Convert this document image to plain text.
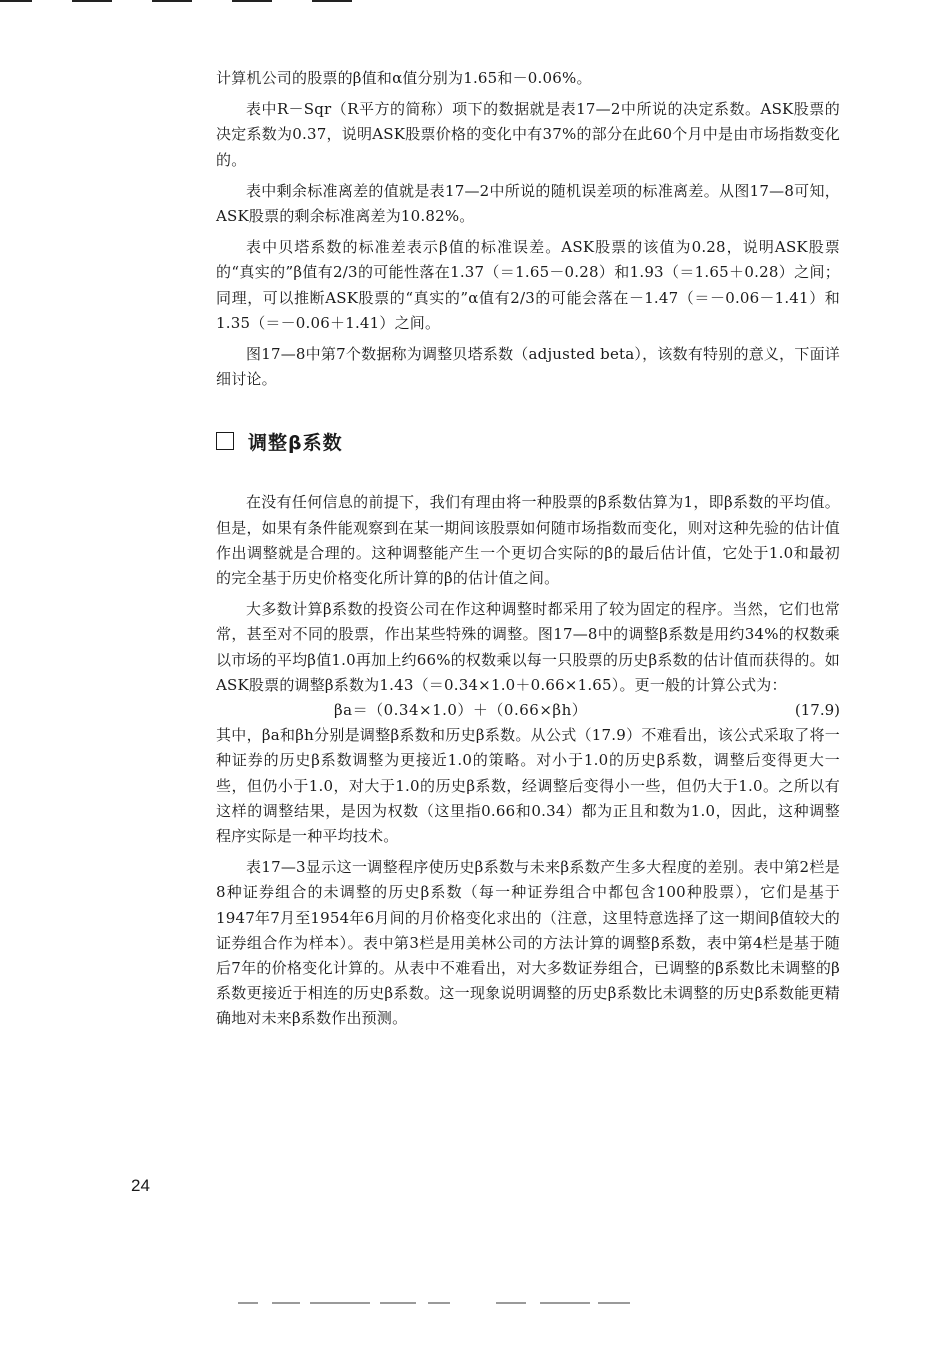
计算机公司的股票的β值和α值分别为1.65和－0.06%。

表中R－Sqr（R平方的简称）项下的数据就是表17—2中所说的决定系数。ASK股票的决定系数为0.37，说明ASK股票价格的变化中有37%的部分在此60个月中是由市场指数变化的。

表中剩余标准离差的值就是表17—2中所说的随机误差项的标准离差。从图17—8可知，ASK股票的剩余标准离差为10.82%。

表中贝塔系数的标准差表示β值的标准误差。ASK股票的该值为0.28，说明ASK股票的“真实的”β值有2/3的可能性落在1.37（＝1.65－0.28）和1.93（＝1.65＋0.28）之间；同理，可以推断ASK股票的“真实的”α值有2/3的可能会落在－1.47（＝－0.06－1.41）和1.35（＝－0.06＋1.41）之间。

图17—8中第7个数据称为调整贝塔系数（adjusted beta），该数有特别的意义，下面详细讨论。

调整β系数

在没有任何信息的前提下，我们有理由将一种股票的β系数估算为1，即β系数的平均值。但是，如果有条件能观察到在某一期间该股票如何随市场指数而变化，则对这种先验的估计值作出调整就是合理的。这种调整能产生一个更切合实际的β的最后估计值，它处于1.0和最初的完全基于历史价格变化所计算的β的估计值之间。

大多数计算β系数的投资公司在作这种调整时都采用了较为固定的程序。当然，它们也常常，甚至对不同的股票，作出某些特殊的调整。图17—8中的调整β系数是用约34%的权数乘以市场的平均β值1.0再加上约66%的权数乘以每一只股票的历史β系数的估计值而获得的。如ASK股票的调整β系数为1.43（＝0.34×1.0＋0.66×1.65）。更一般的计算公式为：

βa＝（0.34×1.0）＋（0.66×βh）	(17.9)

其中，βa和βh分别是调整β系数和历史β系数。从公式（17.9）不难看出，该公式采取了将一种证券的历史β系数调整为更接近1.0的策略。对小于1.0的历史β系数，调整后变得更大一些，但仍小于1.0，对大于1.0的历史β系数，经调整后变得小一些，但仍大于1.0。之所以有这样的调整结果，是因为权数（这里指0.66和0.34）都为正且和数为1.0，因此，这种调整程序实际是一种平均技术。

表17—3显示这一调整程序使历史β系数与未来β系数产生多大程度的差别。表中第2栏是8种证券组合的未调整的历史β系数（每一种证券组合中都包含100种股票），它们是基于1947年7月至1954年6月间的月价格变化求出的（注意，这里特意选择了这一期间β值较大的证券组合作为样本）。表中第3栏是用美林公司的方法计算的调整β系数，表中第4栏是基于随后7年的价格变化计算的。从表中不难看出，对大多数证券组合，已调整的β系数比未调整的β系数更接近于相连的历史β系数。这一现象说明调整的历史β系数比未调整的历史β系数能更精确地对未来β系数作出预测。

24
